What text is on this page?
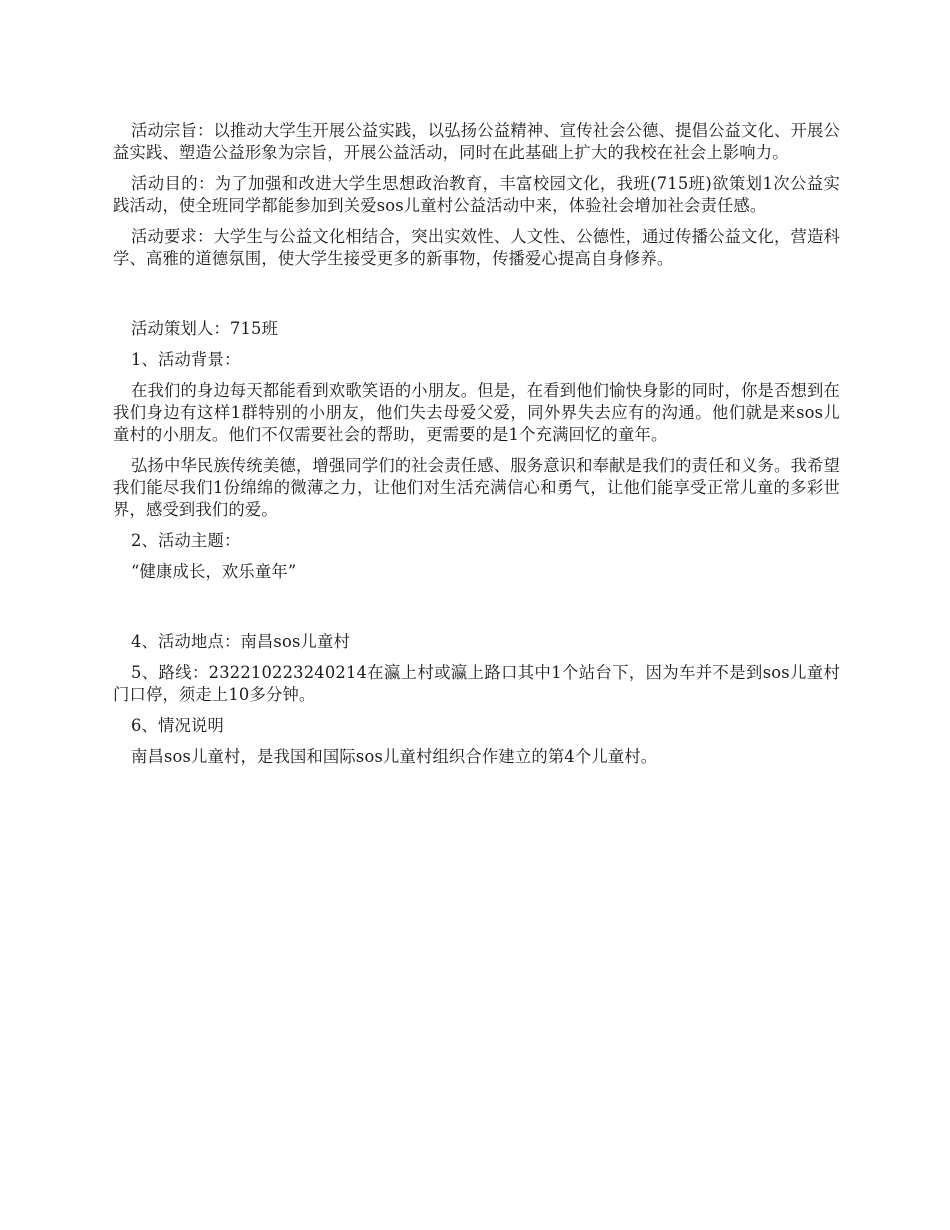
活动宗旨：以推动大学生开展公益实践，以弘扬公益精神、宣传社会公德、提倡公益文化、开展公益实践、塑造公益形象为宗旨，开展公益活动，同时在此基础上扩大的我校在社会上影响力。

活动目的：为了加强和改进大学生思想政治教育，丰富校园文化，我班(715班)欲策划1次公益实践活动，使全班同学都能参加到关爱sos儿童村公益活动中来，体验社会增加社会责任感。

活动要求：大学生与公益文化相结合，突出实效性、人文性、公德性，通过传播公益文化，营造科学、高雅的道德氛围，使大学生接受更多的新事物，传播爱心提高自身修养。

活动策划人：715班

1、活动背景：

在我们的身边每天都能看到欢歌笑语的小朋友。但是，在看到他们愉快身影的同时，你是否想到在我们身边有这样1群特别的小朋友，他们失去母爱父爱，同外界失去应有的沟通。他们就是来sos儿童村的小朋友。他们不仅需要社会的帮助，更需要的是1个充满回忆的童年。

弘扬中华民族传统美德，增强同学们的社会责任感、服务意识和奉献是我们的责任和义务。我希望我们能尽我们1份绵绵的微薄之力，让他们对生活充满信心和勇气，让他们能享受正常儿童的多彩世界，感受到我们的爱。

2、活动主题：

“健康成长，欢乐童年”

4、活动地点：南昌sos儿童村

5、路线：232210223240214在瀛上村或瀛上路口其中1个站台下，因为车并不是到sos儿童村门口停，须走上10多分钟。

6、情况说明

南昌sos儿童村，是我国和国际sos儿童村组织合作建立的第4个儿童村。
